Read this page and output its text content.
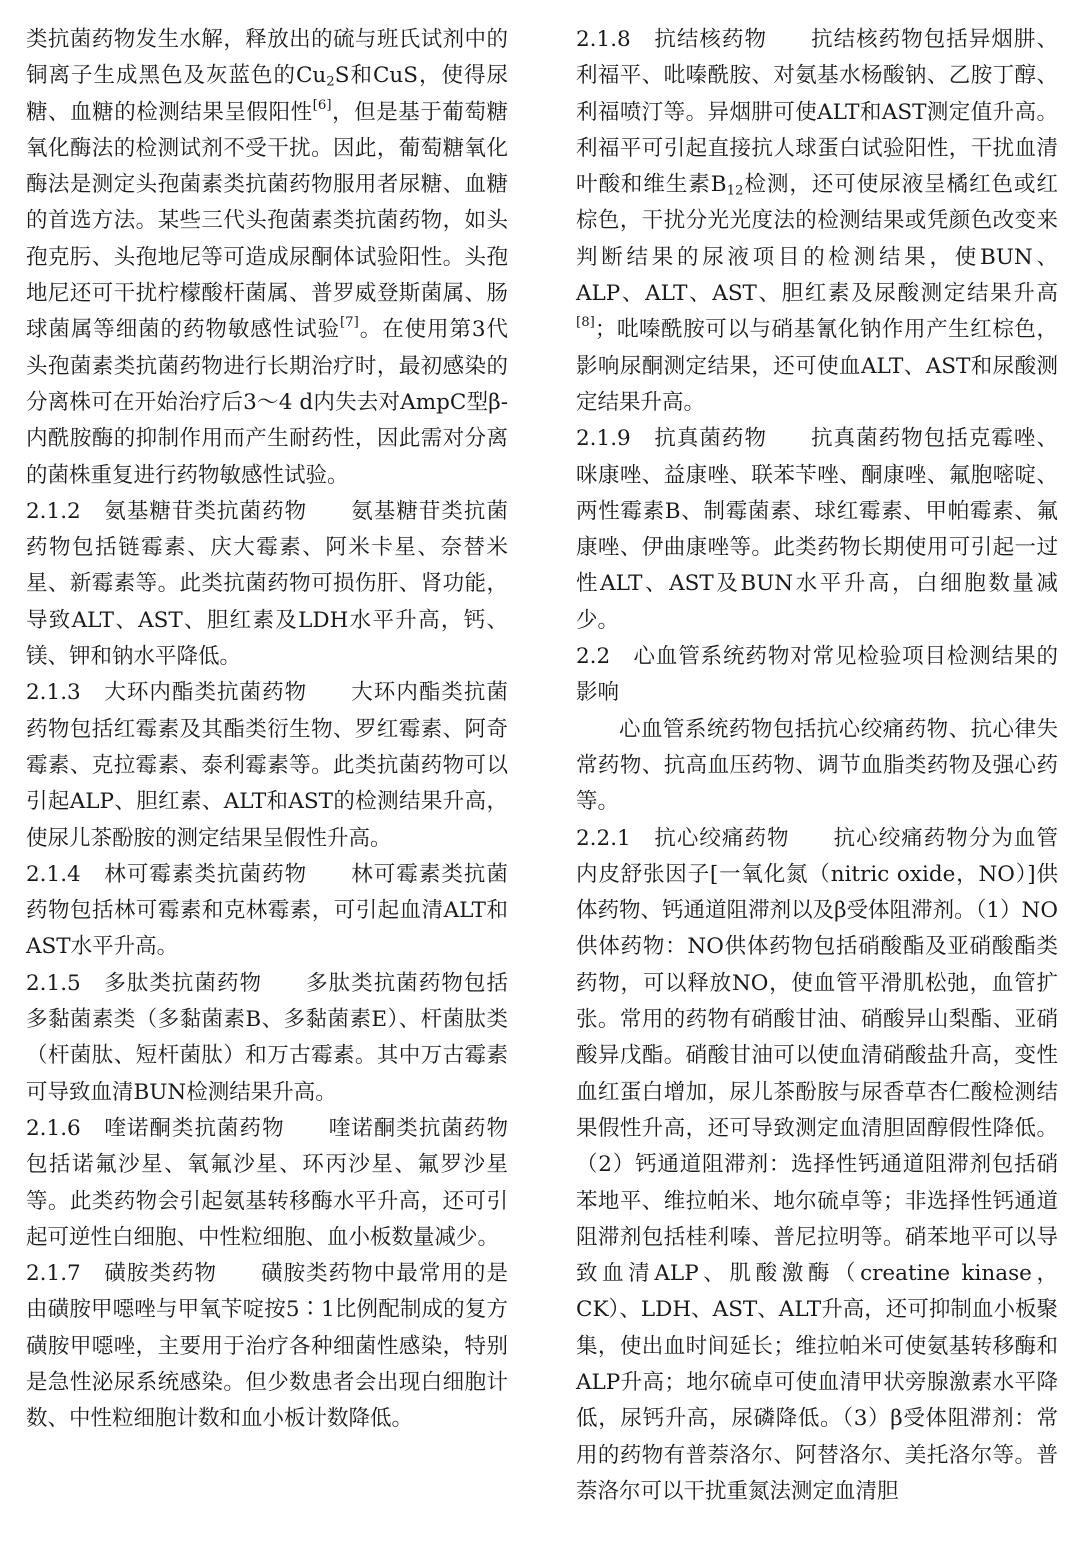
类抗菌药物发生水解，释放出的硫与班氏试剂中的铜离子生成黑色及灰蓝色的$Cu_2S$和CuS，使得尿糖、血糖的检测结果呈假阳性[6]，但是基于葡萄糖氧化酶法的检测试剂不受干扰。因此，葡萄糖氧化酶法是测定头孢菌素类抗菌药物服用者尿糖、血糖的首选方法。某些三代头孢菌素类抗菌药物，如头孢克肟、头孢地尼等可造成尿酮体试验阳性。头孢地尼还可干扰柠檬酸杆菌属、普罗威登斯菌属、肠球菌属等细菌的药物敏感性试验[7]。在使用第3代头孢菌素类抗菌药物进行长期治疗时，最初感染的分离株可在开始治疗后3～4 d内失去对AmpC型β-内酰胺酶的抑制作用而产生耐药性，因此需对分离的菌株重复进行药物敏感性试验。

2.1.2　 氨基糖苷类抗菌药物　 氨基糖苷类抗菌药物包括链霉素、庆大霉素、阿米卡星、奈替米星、新霉素等。此类抗菌药物可损伤肝、肾功能，导致ALT、AST、胆红素及LDH水平升高，钙、镁、钾和钠水平降低。

2.1.3　 大环内酯类抗菌药物　 大环内酯类抗菌药物包括红霉素及其酯类衍生物、罗红霉素、阿奇霉素、克拉霉素、泰利霉素等。此类抗菌药物可以引起ALP、胆红素、ALT和AST的检测结果升高，使尿儿茶酚胺的测定结果呈假性升高。

2.1.4　 林可霉素类抗菌药物　 林可霉素类抗菌药物包括林可霉素和克林霉素，可引起血清ALT和AST水平升高。

2.1.5　 多肽类抗菌药物　 多肽类抗菌药物包括多黏菌素类（多黏菌素B、多黏菌素E）、杆菌肽类（杆菌肽、短杆菌肽）和万古霉素。其中万古霉素可导致血清BUN检测结果升高。

2.1.6　 喹诺酮类抗菌药物　 喹诺酮类抗菌药物包括诺氟沙星、氧氟沙星、环丙沙星、氟罗沙星等。此类药物会引起氨基转移酶水平升高，还可引起可逆性白细胞、中性粒细胞、血小板数量减少。

2.1.7　 磺胺类药物　 磺胺类药物中最常用的是由磺胺甲噁唑与甲氧苄啶按5∶1比例配制成的复方磺胺甲噁唑，主要用于治疗各种细菌性感染，特别是急性泌尿系统感染。但少数患者会出现白细胞计数、中性粒细胞计数和血小板计数降低。

2.1.8　 抗结核药物　 抗结核药物包括异烟肼、利福平、吡嗪酰胺、对氨基水杨酸钠、乙胺丁醇、利福喷汀等。异烟肼可使ALT和AST测定值升高。利福平可引起直接抗人球蛋白试验阳性，干扰血清叶酸和维生素$B_{12}$检测，还可使尿液呈橘红色或红棕色，干扰分光光度法的检测结果或凭颜色改变来判断结果的尿液项目的检测结果，使BUN、ALP、ALT、AST、胆红素及尿酸测定结果升高[8]；吡嗪酰胺可以与硝基氰化钠作用产生红棕色，影响尿酮测定结果，还可使血ALT、AST和尿酸测定结果升高。

2.1.9　 抗真菌药物　 抗真菌药物包括克霉唑、咪康唑、益康唑、联苯苄唑、酮康唑、氟胞嘧啶、两性霉素B、制霉菌素、球红霉素、甲帕霉素、氟康唑、伊曲康唑等。此类药物长期使用可引起一过性ALT、AST及BUN水平升高，白细胞数量减少。

2.2　 心血管系统药物对常见检验项目检测结果的影响

心血管系统药物包括抗心绞痛药物、抗心律失常药物、抗高血压药物、调节血脂类药物及强心药等。

2.2.1　 抗心绞痛药物　 抗心绞痛药物分为血管内皮舒张因子[一氧化氮（nitric oxide，NO）]供体药物、钙通道阻滞剂以及β受体阻滞剂。（1）NO供体药物：NO供体药物包括硝酸酯及亚硝酸酯类药物，可以释放NO，使血管平滑肌松弛，血管扩张。常用的药物有硝酸甘油、硝酸异山梨酯、亚硝酸异戊酯。硝酸甘油可以使血清硝酸盐升高，变性血红蛋白增加，尿儿茶酚胺与尿香草杏仁酸检测结果假性升高，还可导致测定血清胆固醇假性降低。（2）钙通道阻滞剂：选择性钙通道阻滞剂包括硝苯地平、维拉帕米、地尔硫卓等；非选择性钙通道阻滞剂包括桂利嗪、普尼拉明等。硝苯地平可以导致血清ALP、肌酸激酶（creatine kinase，CK）、LDH、AST、ALT升高，还可抑制血小板聚集，使出血时间延长；维拉帕米可使氨基转移酶和ALP升高；地尔硫卓可使血清甲状旁腺激素水平降低，尿钙升高，尿磷降低。（3）β受体阻滞剂：常用的药物有普萘洛尔、阿替洛尔、美托洛尔等。普萘洛尔可以干扰重氮法测定血清胆
